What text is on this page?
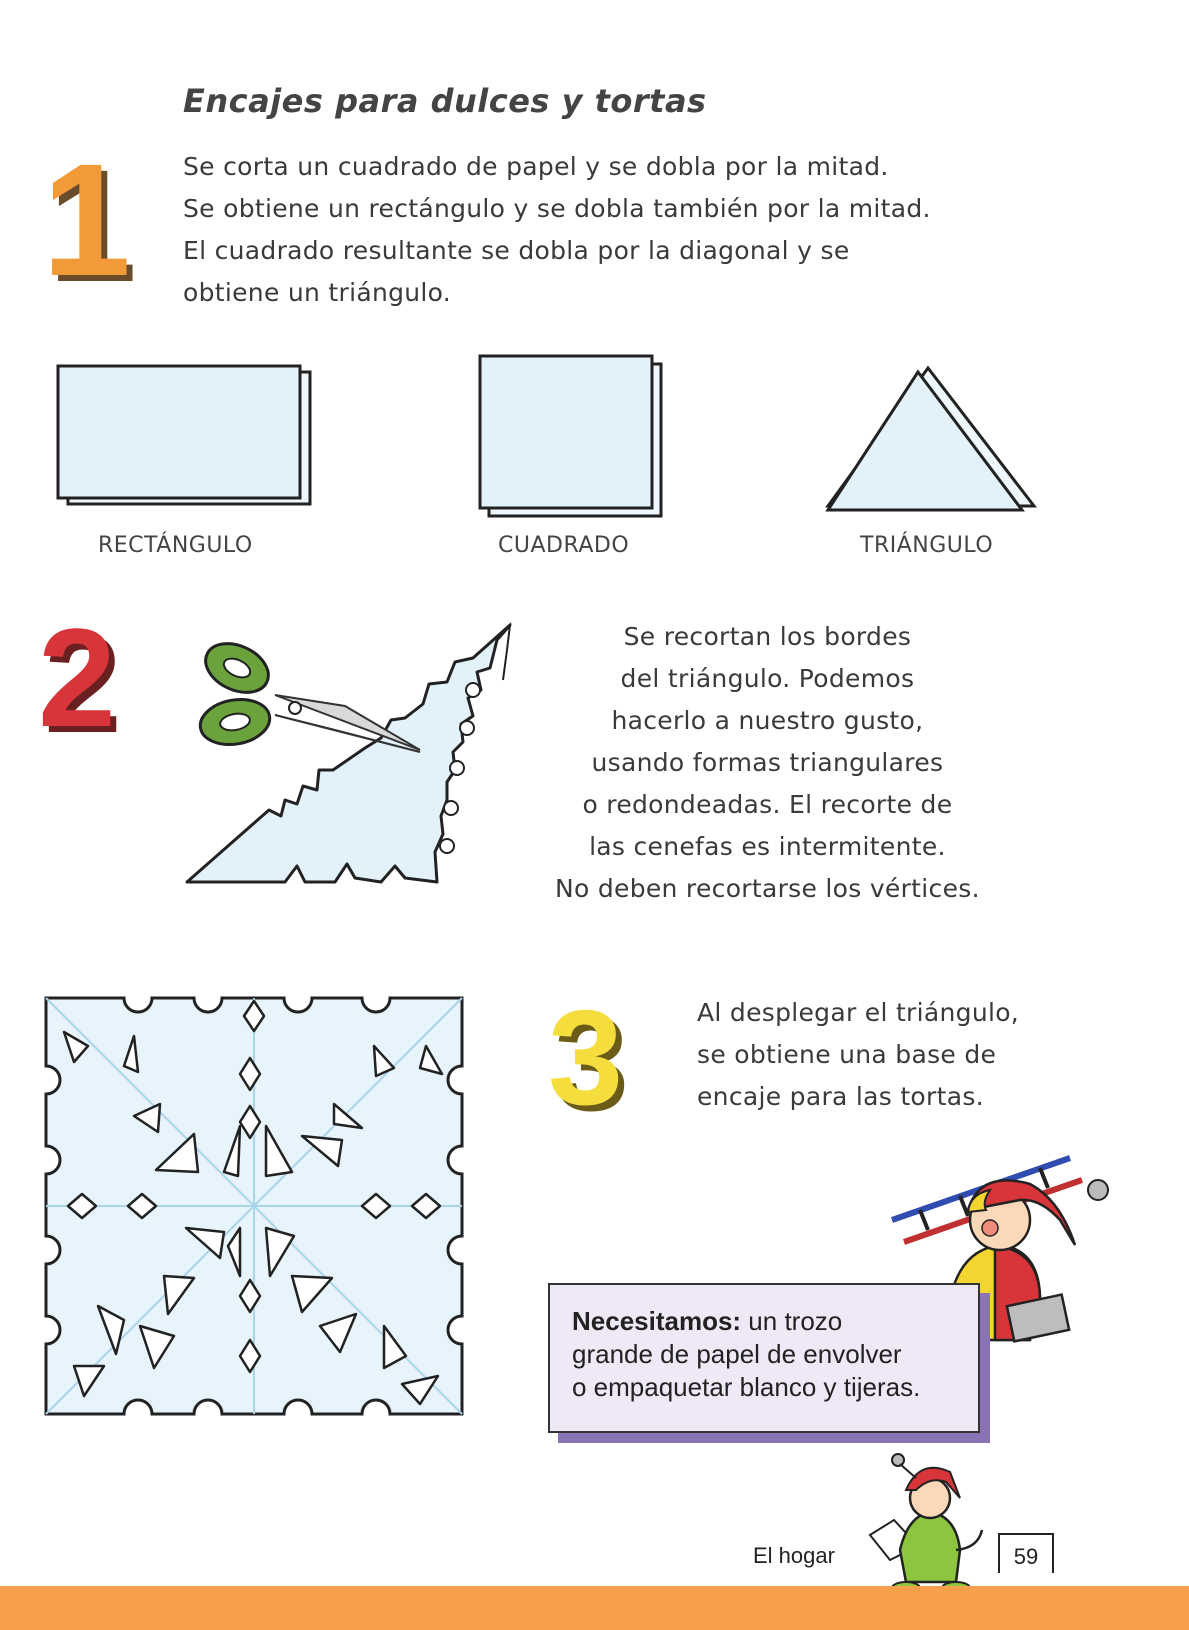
Encajes para dulces y tortas
1 Se corta un cuadrado de papel y se dobla por la mitad.
Se obtiene un rectángulo y se dobla también por la mitad.
El cuadrado resultante se dobla por la diagonal y se
obtiene un triángulo.
RECTÁNGULO	CUADRADO	TRIÁNGULO
2	Se recortan los bordes
del triángulo. Podemos
hacerlo a nuestro gusto,
usando formas triangulares
o redondeadas. El recorte de
las cenefas es intermitente.
No deben recortarse los vértices.
3	Al desplegar el triángulo,
se obtiene una base de
encaje para las tortas.
Necesitamos: un trozo
grande de papel de envolver
o empaquetar blanco y tijeras.
El hogar	59
